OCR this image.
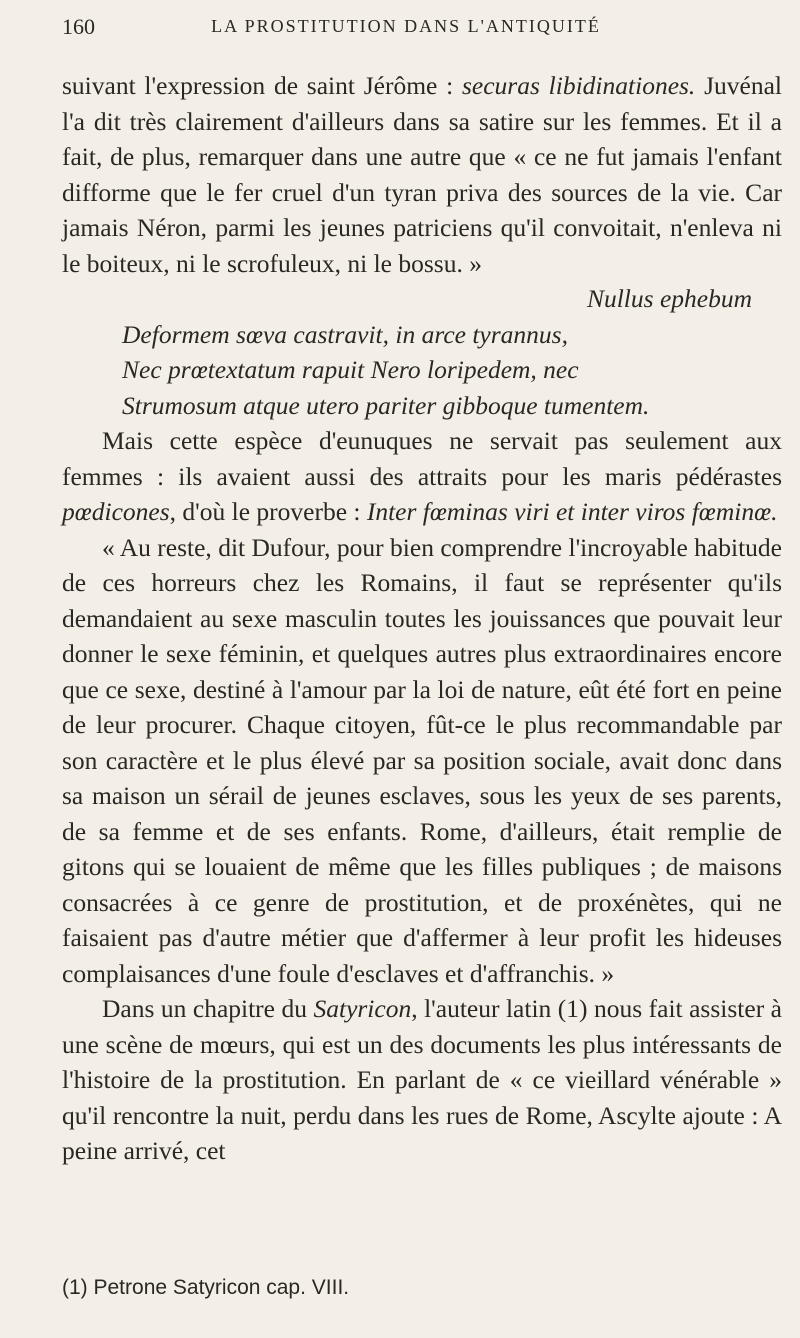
160	LA PROSTITUTION DANS L'ANTIQUITÉ

suivant l'expression de saint Jérôme : securas libidinationes. Juvénal l'a dit très clairement d'ailleurs dans sa satire sur les femmes. Et il a fait, de plus, remarquer dans une autre que « ce ne fut jamais l'enfant difforme que le fer cruel d'un tyran priva des sources de la vie. Car jamais Néron, parmi les jeunes patriciens qu'il convoitait, n'enleva ni le boiteux, ni le scrofuleux, ni le bossu. »

Nullus ephebum
Deformem sœva castravit, in arce tyrannus,
Nec prœtextatum rapuit Nero loripedem, nec
Strumosum atque utero pariter gibboque tumentem.

Mais cette espèce d'eunuques ne servait pas seulement aux femmes : ils avaient aussi des attraits pour les maris pédérastes pœdicones, d'où le proverbe : Inter fœminas viri et inter viros fœminœ.

« Au reste, dit Dufour, pour bien comprendre l'incroyable habitude de ces horreurs chez les Romains, il faut se représenter qu'ils demandaient au sexe masculin toutes les jouissances que pouvait leur donner le sexe féminin, et quelques autres plus extraordinaires encore que ce sexe, destiné à l'amour par la loi de nature, eût été fort en peine de leur procurer. Chaque citoyen, fût-ce le plus recommandable par son caractère et le plus élevé par sa position sociale, avait donc dans sa maison un sérail de jeunes esclaves, sous les yeux de ses parents, de sa femme et de ses enfants. Rome, d'ailleurs, était remplie de gitons qui se louaient de même que les filles publiques ; de maisons consacrées à ce genre de prostitution, et de proxénètes, qui ne faisaient pas d'autre métier que d'affermer à leur profit les hideuses complaisances d'une foule d'esclaves et d'affranchis. »

Dans un chapitre du Satyricon, l'auteur latin (1) nous fait assister à une scène de mœurs, qui est un des documents les plus intéressants de l'histoire de la prostitution. En parlant de « ce vieillard vénérable » qu'il rencontre la nuit, perdu dans les rues de Rome, Ascylte ajoute : A peine arrivé, cet

(1) Petrone Satyricon cap. VIII.
